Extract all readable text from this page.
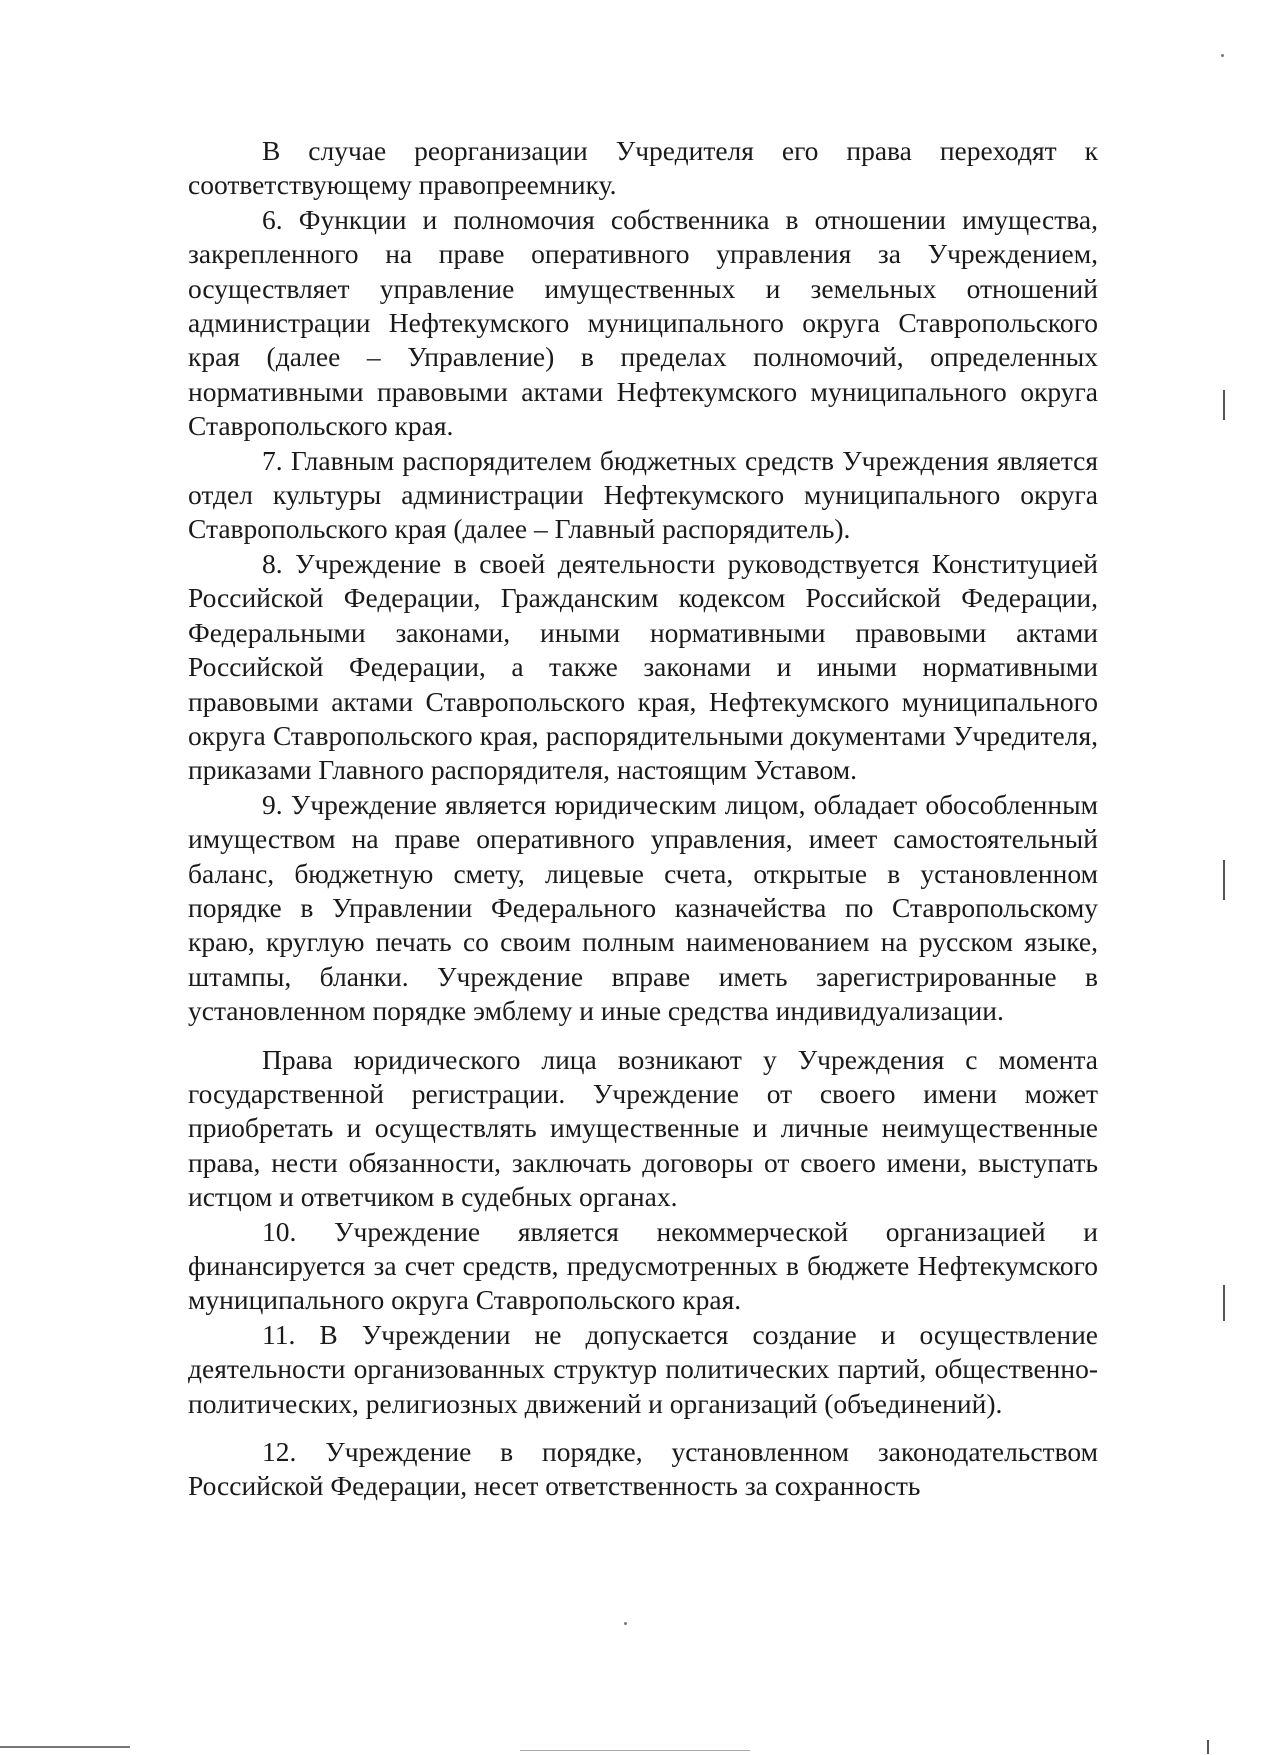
В случае реорганизации Учредителя его права переходят к соответствующему правопреемнику.

6. Функции и полномочия собственника в отношении имущества, закрепленного на праве оперативного управления за Учреждением, осуществляет управление имущественных и земельных отношений администрации Нефтекумского муниципального округа Ставропольского края (далее – Управление) в пределах полномочий, определенных нормативными правовыми актами Нефтекумского муниципального округа Ставропольского края.

7. Главным распорядителем бюджетных средств Учреждения является отдел культуры администрации Нефтекумского муниципального округа Ставропольского края (далее – Главный распорядитель).

8. Учреждение в своей деятельности руководствуется Конституцией Российской Федерации, Гражданским кодексом Российской Федерации, Федеральными законами, иными нормативными правовыми актами Российской Федерации, а также законами и иными нормативными правовыми актами Ставропольского края, Нефтекумского муниципального округа Ставропольского края, распорядительными документами Учредителя, приказами Главного распорядителя, настоящим Уставом.

9. Учреждение является юридическим лицом, обладает обособленным имуществом на праве оперативного управления, имеет самостоятельный баланс, бюджетную смету, лицевые счета, открытые в установленном порядке в Управлении Федерального казначейства по Ставропольскому краю, круглую печать со своим полным наименованием на русском языке, штампы, бланки. Учреждение вправе иметь зарегистрированные в установленном порядке эмблему и иные средства индивидуализации.

Права юридического лица возникают у Учреждения с момента государственной регистрации. Учреждение от своего имени может приобретать и осуществлять имущественные и личные неимущественные права, нести обязанности, заключать договоры от своего имени, выступать истцом и ответчиком в судебных органах.

10. Учреждение является некоммерческой организацией и финансируется за счет средств, предусмотренных в бюджете Нефтекумского муниципального округа Ставропольского края.

11. В Учреждении не допускается создание и осуществление деятельности организованных структур политических партий, общественно-политических, религиозных движений и организаций (объединений).

12. Учреждение в порядке, установленном законодательством Российской Федерации, несет ответственность за сохранность
